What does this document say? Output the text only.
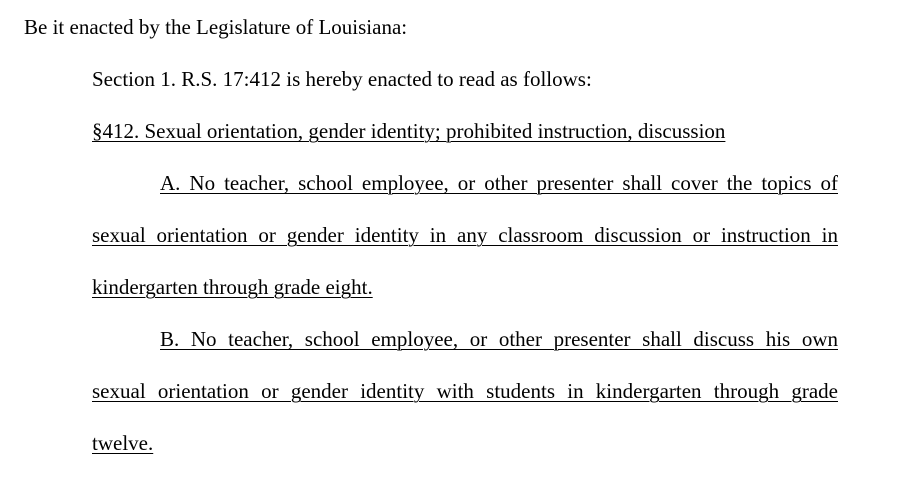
Be it enacted by the Legislature of Louisiana:
Section 1. R.S. 17:412 is hereby enacted to read as follows:
§412. Sexual orientation, gender identity; prohibited instruction, discussion
A. No teacher, school employee, or other presenter shall cover the topics of
sexual orientation or gender identity in any classroom discussion or instruction in
kindergarten through grade eight.
B. No teacher, school employee, or other presenter shall discuss his own
sexual orientation or gender identity with students in kindergarten through grade
twelve.
